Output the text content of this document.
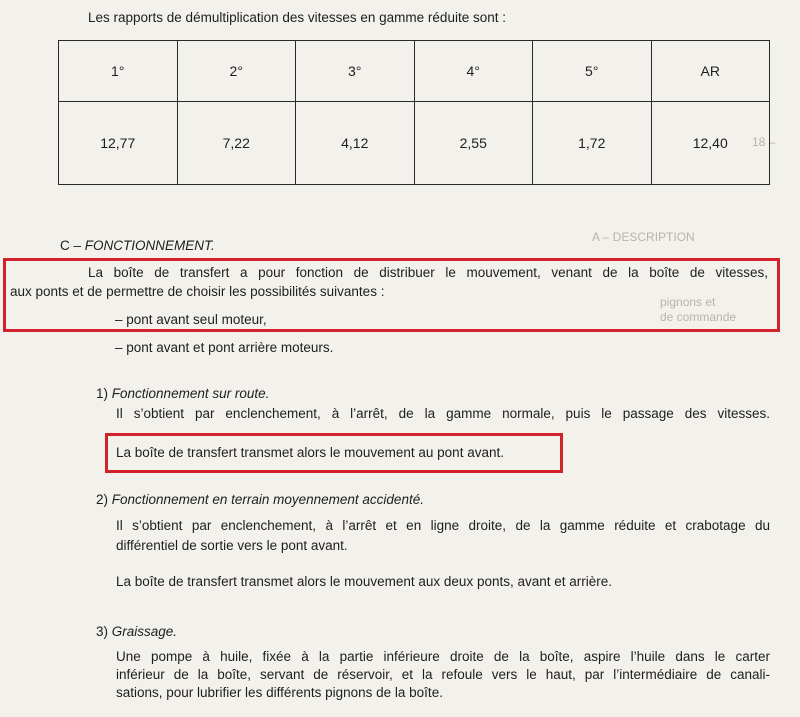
A – DESCRIPTION
18 –
pignons et
de commande
Les rapports de démultiplication des vitesses en gamme réduite sont :
1°	2°	3°	4°	5°	AR
12,77	7,22	4,12	2,55	1,72	12,40
C – FONCTIONNEMENT.
La boîte de transfert a pour fonction de distribuer le mouvement, venant de la boîte de vitesses,
aux ponts et de permettre de choisir les possibilités suivantes :
– pont avant seul moteur,
– pont avant et pont arrière moteurs.
1) Fonctionnement sur route.
Il s’obtient par enclenchement, à l’arrêt, de la gamme normale, puis le passage des vitesses.
La boîte de transfert transmet alors le mouvement au pont avant.
2) Fonctionnement en terrain moyennement accidenté.
Il s’obtient par enclenchement, à l’arrêt et en ligne droite, de la gamme réduite et crabotage du
différentiel de sortie vers le pont avant.
La boîte de transfert transmet alors le mouvement aux deux ponts, avant et arrière.
3) Graissage.
Une pompe à huile, fixée à la partie inférieure droite de la boîte, aspire l’huile dans le carter
inférieur de la boîte, servant de réservoir, et la refoule vers le haut, par l’intermédiaire de canali-
sations, pour lubrifier les différents pignons de la boîte.
